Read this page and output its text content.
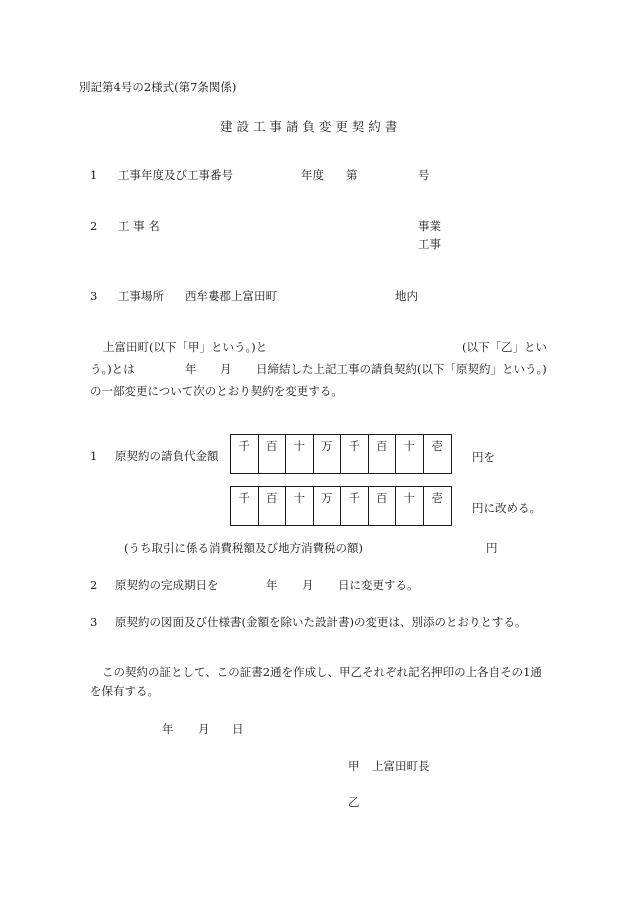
別記第4号の2様式(第7条関係)
建 設 工 事 請 負 変 更 契 約 書
1 工事年度及び工事番号	年度 第	号
2 工 事 名	事業
工事
3 工事場所 西牟婁郡上富田町	地内
上富田町(以下「甲」という。)と	(以下「乙」とい
う。)とは	年 月 日締結した上記工事の請負契約(以下「原契約」という。)
の一部変更について次のとおり契約を変更する。
1 原契約の請負代金額
千	百	十	万	千	百	十	壱
円を
千	百	十	万	千	百	十	壱
円に改める。
(うち取引に係る消費税額及び地方消費税の額)	円
2 原契約の完成期日を	年 月 日に変更する。
3 原契約の図面及び仕様書(金額を除いた設計書)の変更は、別添のとおりとする。
この契約の証として、この証書2通を作成し、甲乙それぞれ記名押印の上各自その1通
を保有する。
年 月 日
甲 上富田町長
乙
